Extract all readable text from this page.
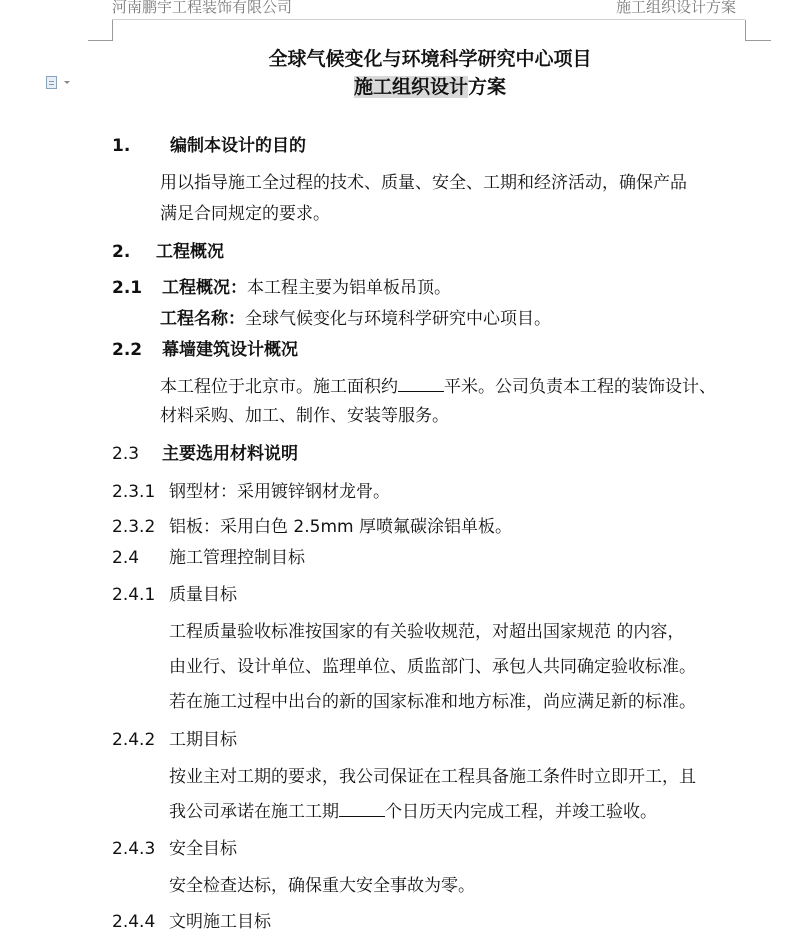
河南鹏宇工程装饰有限公司	施工组织设计方案
全球气候变化与环境科学研究中心项目
施工组织设计方案
1. 编制本设计的目的
用以指导施工全过程的技术、质量、安全、工期和经济活动，确保产品
满足合同规定的要求。
2. 工程概况
2.1 工程概况：本工程主要为铝单板吊顶。
工程名称：全球气候变化与环境科学研究中心项目。
2.2 幕墙建筑设计概况
本工程位于北京市。施工面积约	平米。公司负责本工程的装饰设计、
材料采购、加工、制作、安装等服务。
2.3 主要选用材料说明
2.3.1 钢型材：采用镀锌钢材龙骨。
2.3.2 铝板：采用白色 2.5mm 厚喷氟碳涂铝单板。
2.4 施工管理控制目标
2.4.1 质量目标
工程质量验收标准按国家的有关验收规范，对超出国家规范 的内容，
由业行、设计单位、监理单位、质监部门、承包人共同确定验收标准。
若在施工过程中出台的新的国家标准和地方标准，尚应满足新的标准。
2.4.2 工期目标
按业主对工期的要求，我公司保证在工程具备施工条件时立即开工，且
我公司承诺在施工工期	个日历天内完成工程，并竣工验收。
2.4.3 安全目标
安全检查达标，确保重大安全事故为零。
2.4.4 文明施工目标
